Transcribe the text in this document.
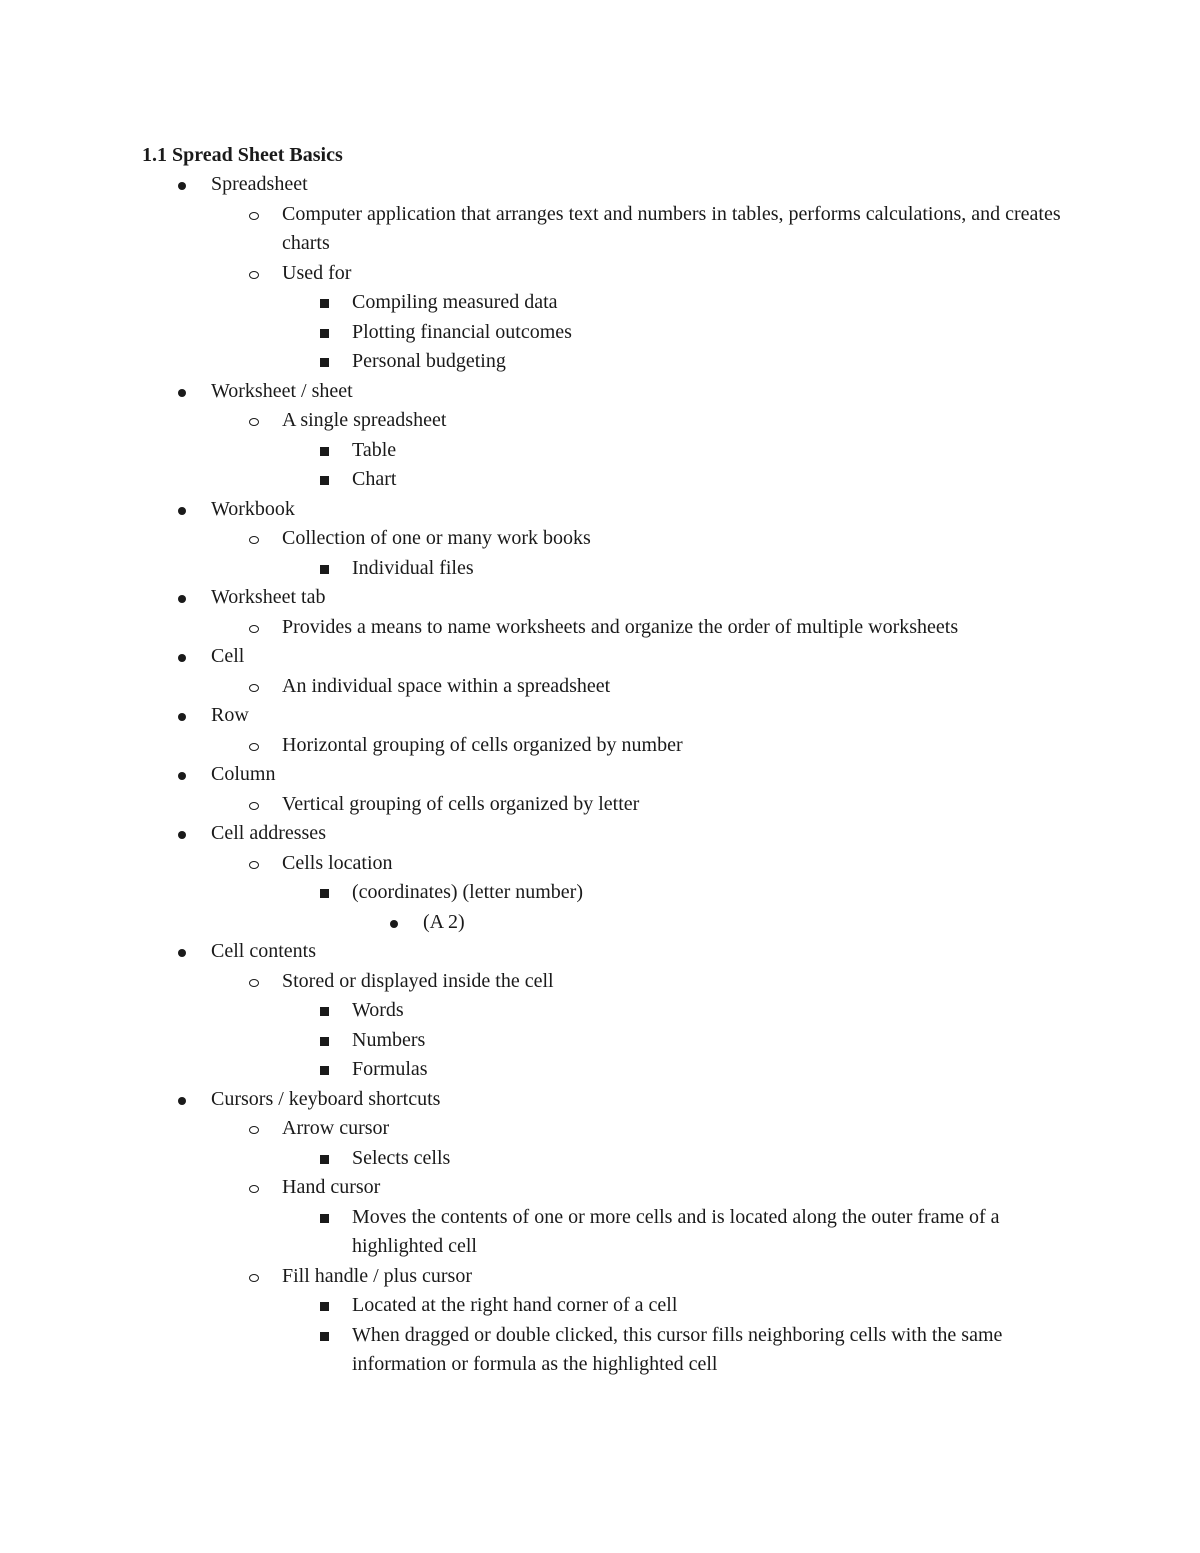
1.1 Spread Sheet Basics
Spreadsheet
Computer application that arranges text and numbers in tables, performs calculations, and creates charts
Used for
Compiling measured data
Plotting financial outcomes
Personal budgeting
Worksheet / sheet
A single spreadsheet
Table
Chart
Workbook
Collection of one or many work books
Individual files
Worksheet tab
Provides a means to name worksheets and organize the order of multiple worksheets
Cell
An individual space within a spreadsheet
Row
Horizontal grouping of cells organized by number
Column
Vertical grouping of cells organized by letter
Cell addresses
Cells location
(coordinates) (letter number)
(A 2)
Cell contents
Stored or displayed inside the cell
Words
Numbers
Formulas
Cursors / keyboard shortcuts
Arrow cursor
Selects cells
Hand cursor
Moves the contents of one or more cells and is located along the outer frame of a highlighted cell
Fill handle / plus cursor
Located at the right hand corner of a cell
When dragged or double clicked, this cursor fills neighboring cells with the same information or formula as the highlighted cell
